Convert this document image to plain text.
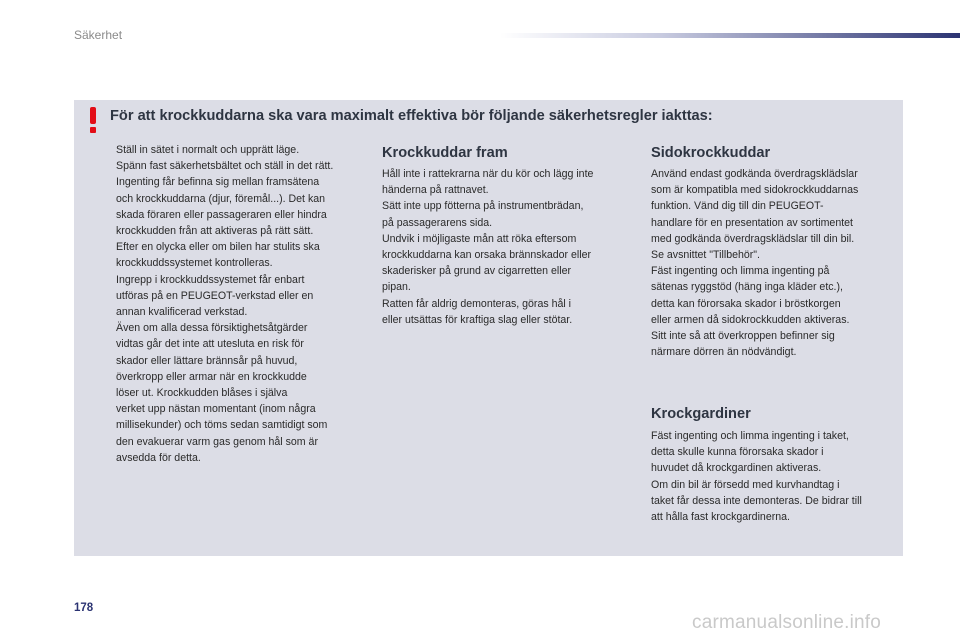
Säkerhet
För att krockkuddarna ska vara maximalt effektiva bör följande säkerhetsregler iakttas:
Ställ in sätet i normalt och upprätt läge.
Spänn fast säkerhetsbältet och ställ in det rätt.
Ingenting får befinna sig mellan framsätena
och krockkuddarna (djur, föremål...). Det kan
skada föraren eller passageraren eller hindra
krockkudden från att aktiveras på rätt sätt.
Efter en olycka eller om bilen har stulits ska
krockkuddssystemet kontrolleras.
Ingrepp i krockkuddssystemet får enbart
utföras på en PEUGEOT-verkstad eller en
annan kvalificerad verkstad.
Även om alla dessa försiktighetsåtgärder
vidtas går det inte att utesluta en risk för
skador eller lättare brännsår på huvud,
överkropp eller armar när en krockkudde
löser ut. Krockkudden blåses i själva
verket upp nästan momentant (inom några
millisekunder) och töms sedan samtidigt som
den evakuerar varm gas genom hål som är
avsedda för detta.
Krockkuddar fram
Håll inte i rattekrarna när du kör och lägg inte
händerna på rattnavet.
Sätt inte upp fötterna på instrumentbrädan,
på passagerarens sida.
Undvik i möjligaste mån att röka eftersom
krockkuddarna kan orsaka brännskador eller
skaderisker på grund av cigarretten eller
pipan.
Ratten får aldrig demonteras, göras hål i
eller utsättas för kraftiga slag eller stötar.
Sidokrockkuddar
Använd endast godkända överdragsklädslar
som är kompatibla med sidokrockkuddarnas
funktion. Vänd dig till din PEUGEOT-
handlare för en presentation av sortimentet
med godkända överdragsklädslar till din bil.
Se avsnittet "Tillbehör".
Fäst ingenting och limma ingenting på
sätenas ryggstöd (häng inga kläder etc.),
detta kan förorsaka skador i bröstkorgen
eller armen då sidokrockkudden aktiveras.
Sitt inte så att överkroppen befinner sig
närmare dörren än nödvändigt.
Krockgardiner
Fäst ingenting och limma ingenting i taket,
detta skulle kunna förorsaka skador i
huvudet då krockgardinen aktiveras.
Om din bil är försedd med kurvhandtag i
taket får dessa inte demonteras. De bidrar till
att hålla fast krockgardinerna.
178
carmanualsonline.info
